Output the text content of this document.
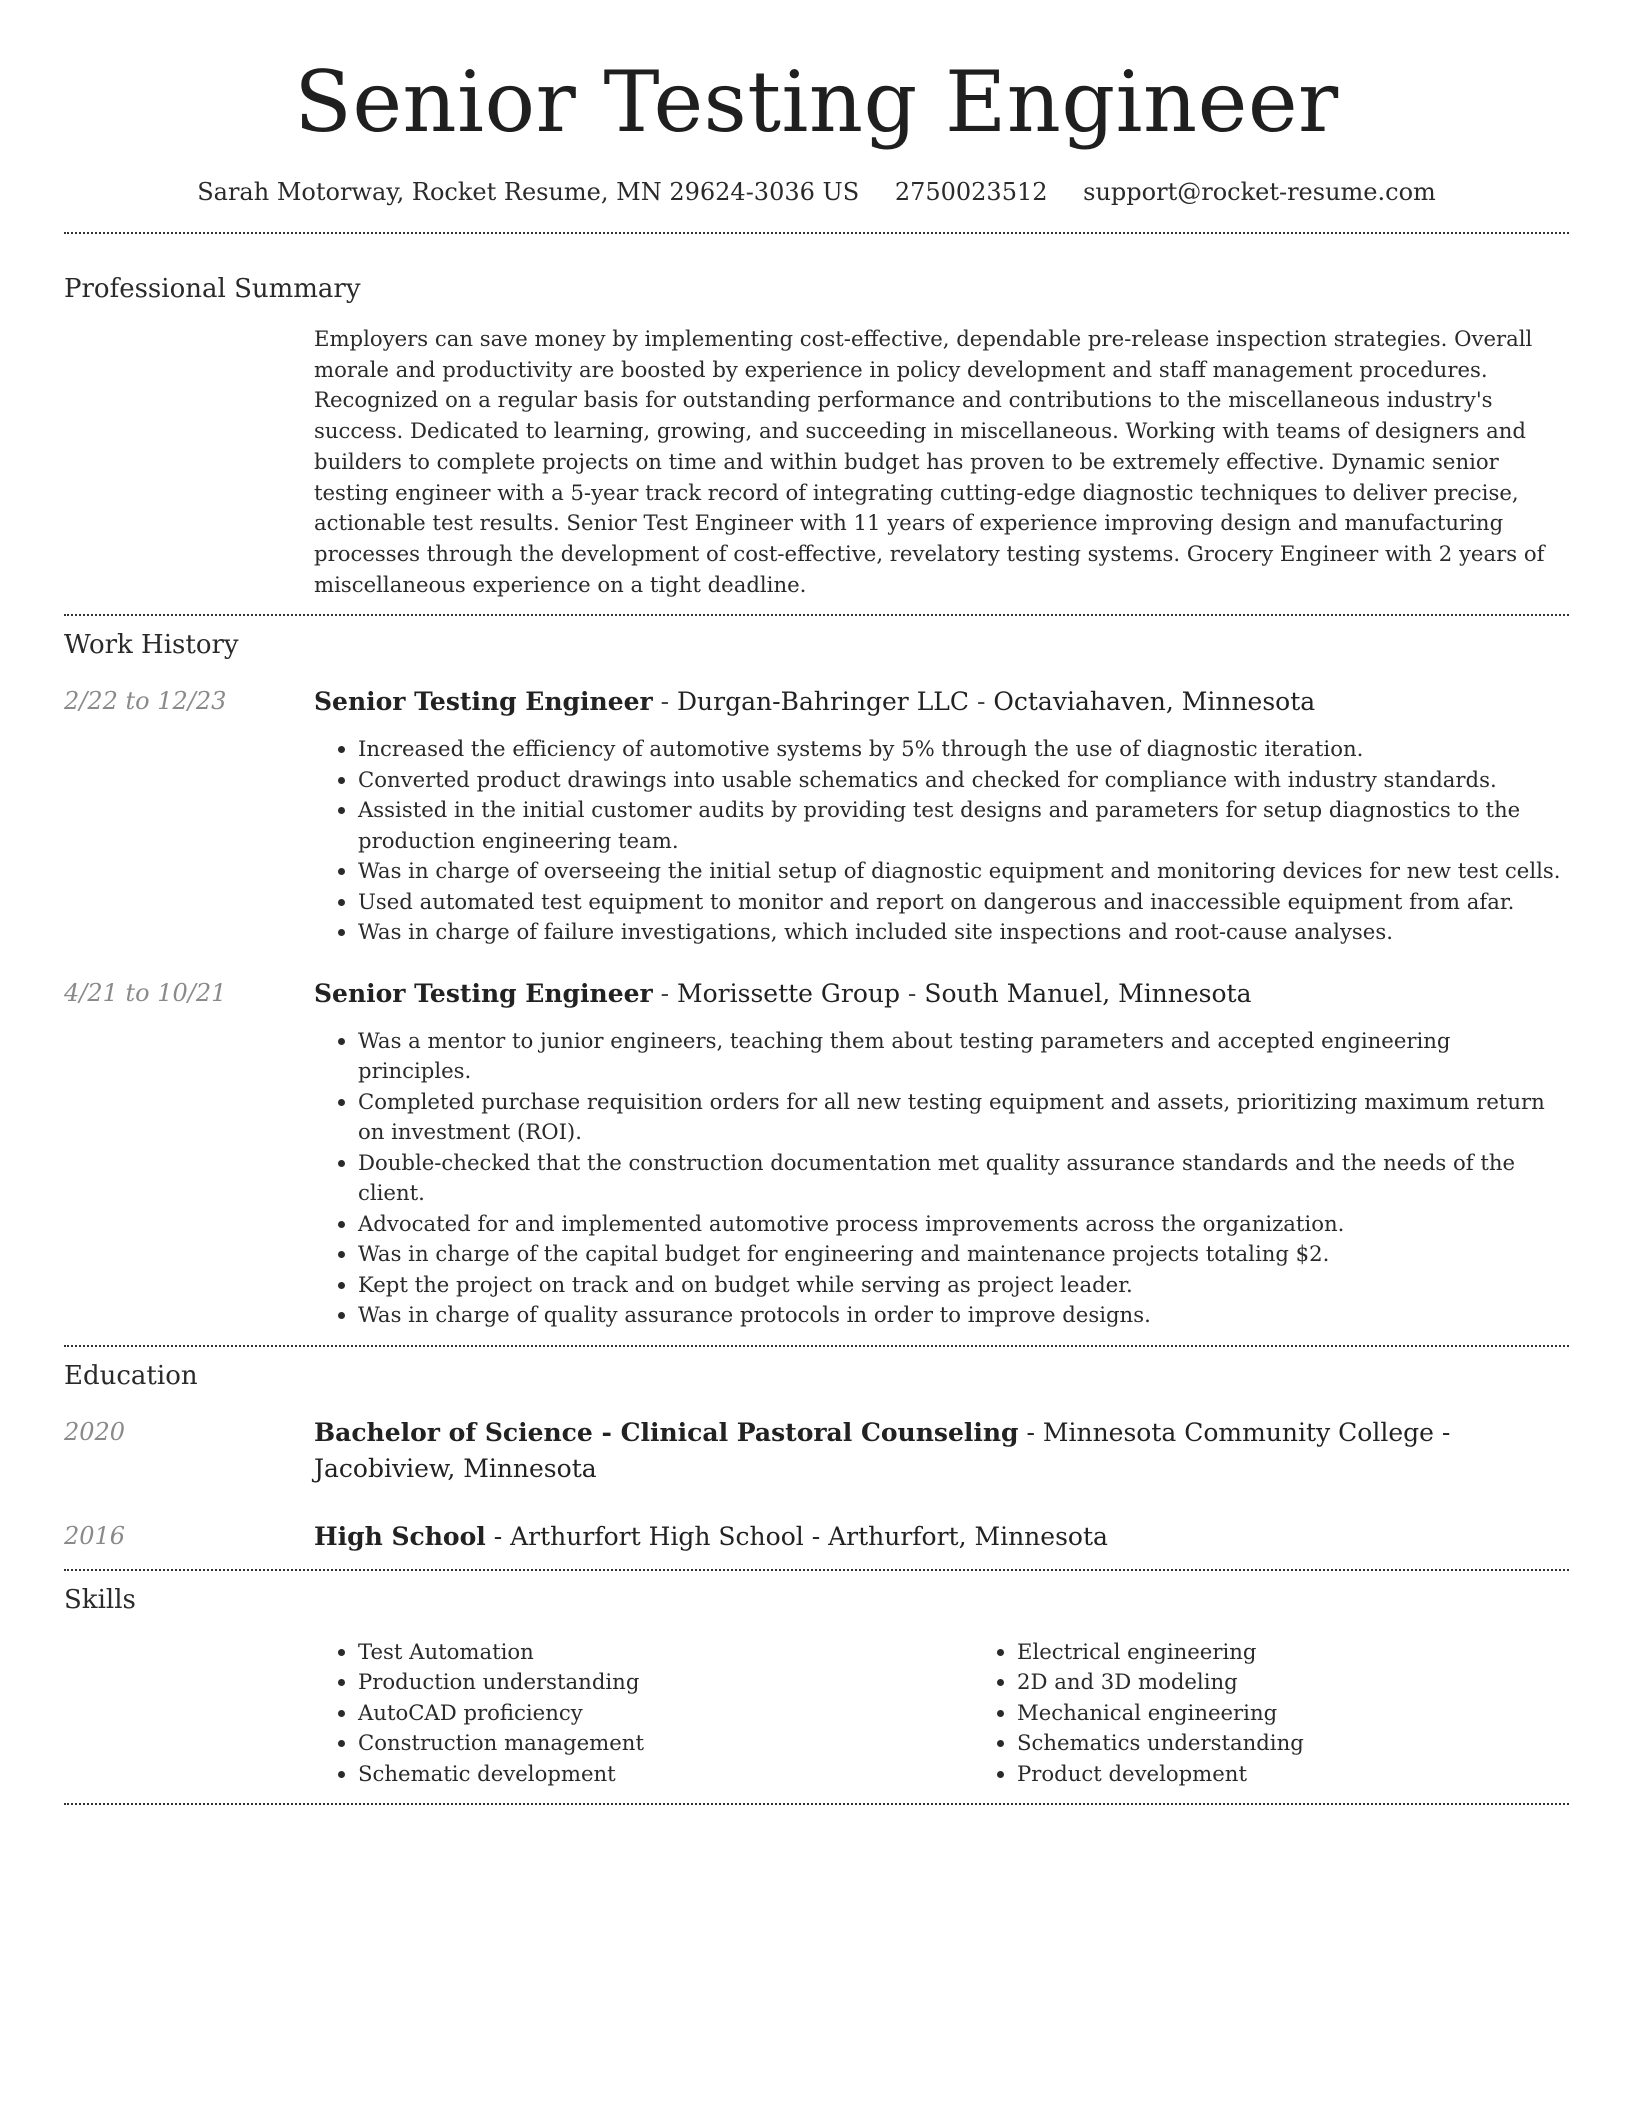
Senior Testing Engineer
Sarah Motorway, Rocket Resume, MN 29624-3036 US 2750023512 support@rocket-resume.com
Professional Summary
Employers can save money by implementing cost-effective, dependable pre-release inspection strategies. Overall morale and productivity are boosted by experience in policy development and staff management procedures. Recognized on a regular basis for outstanding performance and contributions to the miscellaneous industry's success. Dedicated to learning, growing, and succeeding in miscellaneous. Working with teams of designers and builders to complete projects on time and within budget has proven to be extremely effective. Dynamic senior testing engineer with a 5-year track record of integrating cutting-edge diagnostic techniques to deliver precise, actionable test results. Senior Test Engineer with 11 years of experience improving design and manufacturing processes through the development of cost-effective, revelatory testing systems. Grocery Engineer with 2 years of miscellaneous experience on a tight deadline.
Work History
2/22 to 12/23	Senior Testing Engineer - Durgan-Bahringer LLC - Octaviahaven, Minnesota
• Increased the efficiency of automotive systems by 5% through the use of diagnostic iteration.
• Converted product drawings into usable schematics and checked for compliance with industry standards.
• Assisted in the initial customer audits by providing test designs and parameters for setup diagnostics to the production engineering team.
• Was in charge of overseeing the initial setup of diagnostic equipment and monitoring devices for new test cells.
• Used automated test equipment to monitor and report on dangerous and inaccessible equipment from afar.
• Was in charge of failure investigations, which included site inspections and root-cause analyses.
4/21 to 10/21	Senior Testing Engineer - Morissette Group - South Manuel, Minnesota
• Was a mentor to junior engineers, teaching them about testing parameters and accepted engineering principles.
• Completed purchase requisition orders for all new testing equipment and assets, prioritizing maximum return on investment (ROI).
• Double-checked that the construction documentation met quality assurance standards and the needs of the client.
• Advocated for and implemented automotive process improvements across the organization.
• Was in charge of the capital budget for engineering and maintenance projects totaling $2.
• Kept the project on track and on budget while serving as project leader.
• Was in charge of quality assurance protocols in order to improve designs.
Education
2020	Bachelor of Science - Clinical Pastoral Counseling - Minnesota Community College - Jacobiview, Minnesota
2016	High School - Arthurfort High School - Arthurfort, Minnesota
Skills
• Test Automation
• Production understanding
• AutoCAD proficiency
• Construction management
• Schematic development
• Electrical engineering
• 2D and 3D modeling
• Mechanical engineering
• Schematics understanding
• Product development
